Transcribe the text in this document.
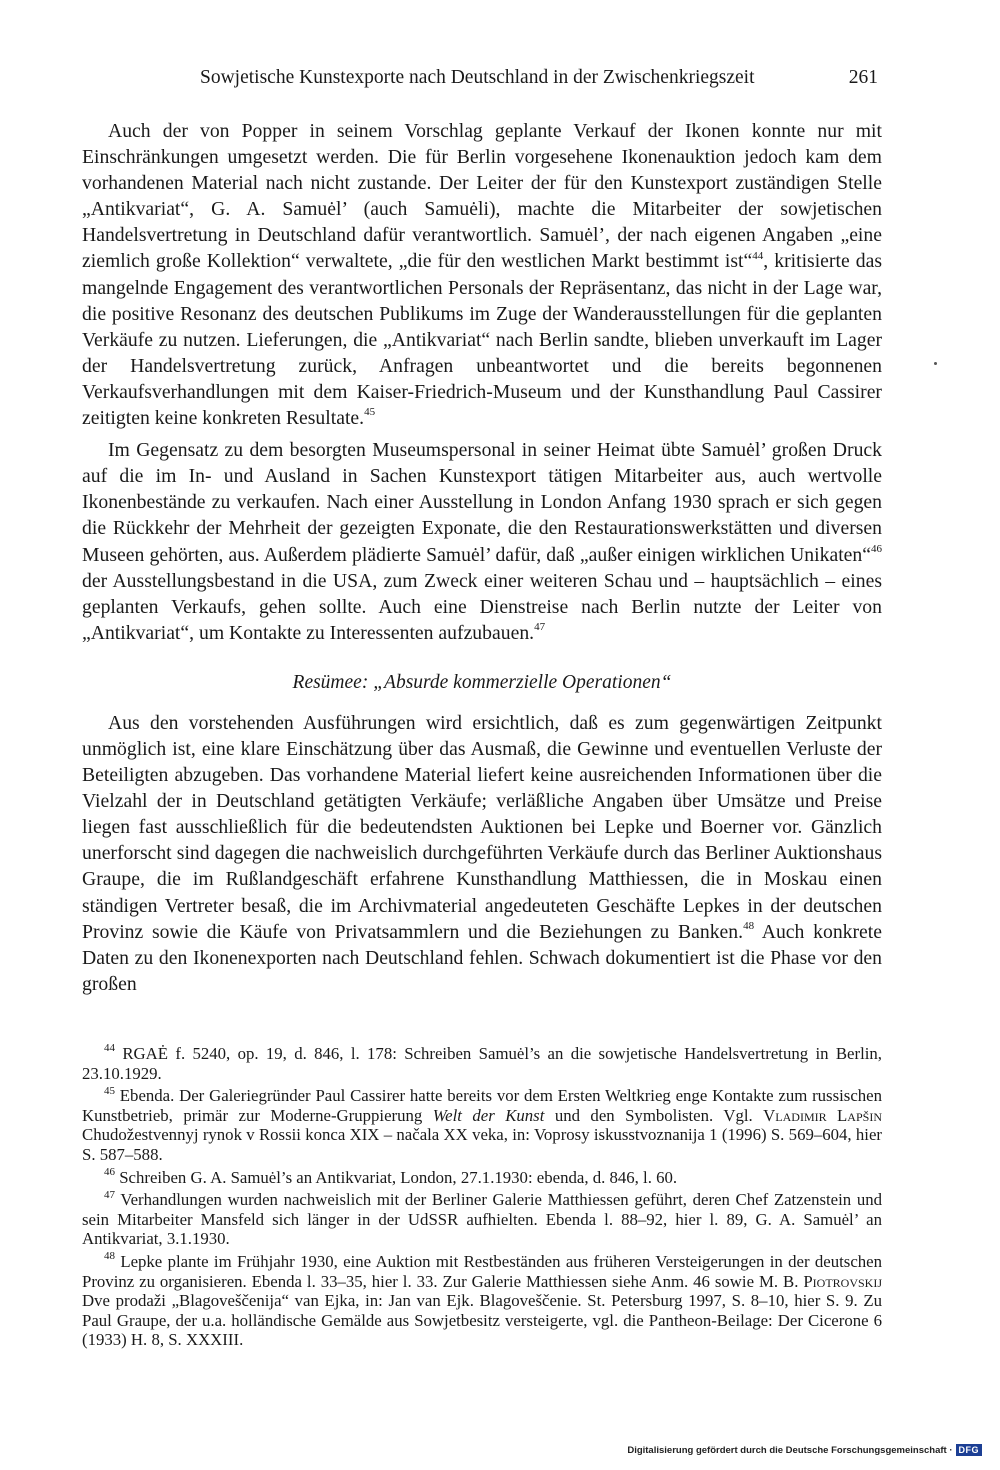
Sowjetische Kunstexporte nach Deutschland in der Zwischenkriegszeit	261

Auch der von Popper in seinem Vorschlag geplante Verkauf der Ikonen konnte nur mit Einschränkungen umgesetzt werden. Die für Berlin vorgesehene Ikonenauktion jedoch kam dem vorhandenen Material nach nicht zustande. Der Leiter der für den Kunstexport zuständigen Stelle „Antikvariat“, G. A. Samuėl’ (auch Samuėli), machte die Mitarbeiter der sowjetischen Handelsvertretung in Deutschland dafür verantwortlich. Samuėl’, der nach eigenen Angaben „eine ziemlich große Kollektion“ verwaltete, „die für den westlichen Markt bestimmt ist“$^{44}$, kritisierte das mangelnde Engagement des verantwortlichen Personals der Repräsentanz, das nicht in der Lage war, die positive Resonanz des deutschen Publikums im Zuge der Wanderausstellungen für die geplanten Verkäufe zu nutzen. Lieferungen, die „Antikvariat“ nach Berlin sandte, blieben unverkauft im Lager der Handelsvertretung zurück, Anfragen unbeantwortet und die bereits begonnenen Verkaufsverhandlungen mit dem Kaiser-Friedrich-Museum und der Kunsthandlung Paul Cassirer zeitigten keine konkreten Resultate.$^{45}$

Im Gegensatz zu dem besorgten Museumspersonal in seiner Heimat übte Samuėl’ großen Druck auf die im In- und Ausland in Sachen Kunstexport tätigen Mitarbeiter aus, auch wertvolle Ikonenbestände zu verkaufen. Nach einer Ausstellung in London Anfang 1930 sprach er sich gegen die Rückkehr der Mehrheit der gezeigten Exponate, die den Restaurationswerkstätten und diversen Museen gehörten, aus. Außerdem plädierte Samuėl’ dafür, daß „außer einigen wirklichen Unikaten“$^{46}$ der Ausstellungsbestand in die USA, zum Zweck einer weiteren Schau und – hauptsächlich – eines geplanten Verkaufs, gehen sollte. Auch eine Dienstreise nach Berlin nutzte der Leiter von „Antikvariat“, um Kontakte zu Interessenten aufzubauen.$^{47}$

Resümee: „Absurde kommerzielle Operationen“

Aus den vorstehenden Ausführungen wird ersichtlich, daß es zum gegenwärtigen Zeitpunkt unmöglich ist, eine klare Einschätzung über das Ausmaß, die Gewinne und eventuellen Verluste der Beteiligten abzugeben. Das vorhandene Material liefert keine ausreichenden Informationen über die Vielzahl der in Deutschland getätigten Verkäufe; verläßliche Angaben über Umsätze und Preise liegen fast ausschließlich für die bedeutendsten Auktionen bei Lepke und Boerner vor. Gänzlich unerforscht sind dagegen die nachweislich durchgeführten Verkäufe durch das Berliner Auktionshaus Graupe, die im Rußlandgeschäft erfahrene Kunsthandlung Matthiessen, die in Moskau einen ständigen Vertreter besaß, die im Archivmaterial angedeuteten Geschäfte Lepkes in der deutschen Provinz sowie die Käufe von Privatsammlern und die Beziehungen zu Banken.$^{48}$ Auch konkrete Daten zu den Ikonenexporten nach Deutschland fehlen. Schwach dokumentiert ist die Phase vor den großen

$^{44}$ RGAĖ f. 5240, op. 19, d. 846, l. 178: Schreiben Samuėl’s an die sowjetische Handelsvertretung in Berlin, 23.10.1929.

$^{45}$ Ebenda. Der Galeriegründer Paul Cassirer hatte bereits vor dem Ersten Weltkrieg enge Kontakte zum russischen Kunstbetrieb, primär zur Moderne-Gruppierung Welt der Kunst und den Symbolisten. Vgl. Vladimir Lapšin Chudožestvennyj rynok v Rossii konca XIX – načala XX veka, in: Voprosy iskusstvoznanija 1 (1996) S. 569–604, hier S. 587–588.

$^{46}$ Schreiben G. A. Samuėl’s an Antikvariat, London, 27.1.1930: ebenda, d. 846, l. 60.

$^{47}$ Verhandlungen wurden nachweislich mit der Berliner Galerie Matthiessen geführt, deren Chef Zatzenstein und sein Mitarbeiter Mansfeld sich länger in der UdSSR aufhielten. Ebenda l. 88–92, hier l. 89, G. A. Samuėl’ an Antikvariat, 3.1.1930.

$^{48}$ Lepke plante im Frühjahr 1930, eine Auktion mit Restbeständen aus früheren Versteigerungen in der deutschen Provinz zu organisieren. Ebenda l. 33–35, hier l. 33. Zur Galerie Matthiessen siehe Anm. 46 sowie M. B. Piotrovskij Dve prodaži „Blagoveščenija“ van Ejka, in: Jan van Ejk. Blagoveščenie. St. Petersburg 1997, S. 8–10, hier S. 9. Zu Paul Graupe, der u.a. holländische Gemälde aus Sowjetbesitz versteigerte, vgl. die Pantheon-Beilage: Der Cicerone 6 (1933) H. 8, S. XXXIII.

Digitalisierung gefördert durch die Deutsche Forschungsgemeinschaft · DFG
